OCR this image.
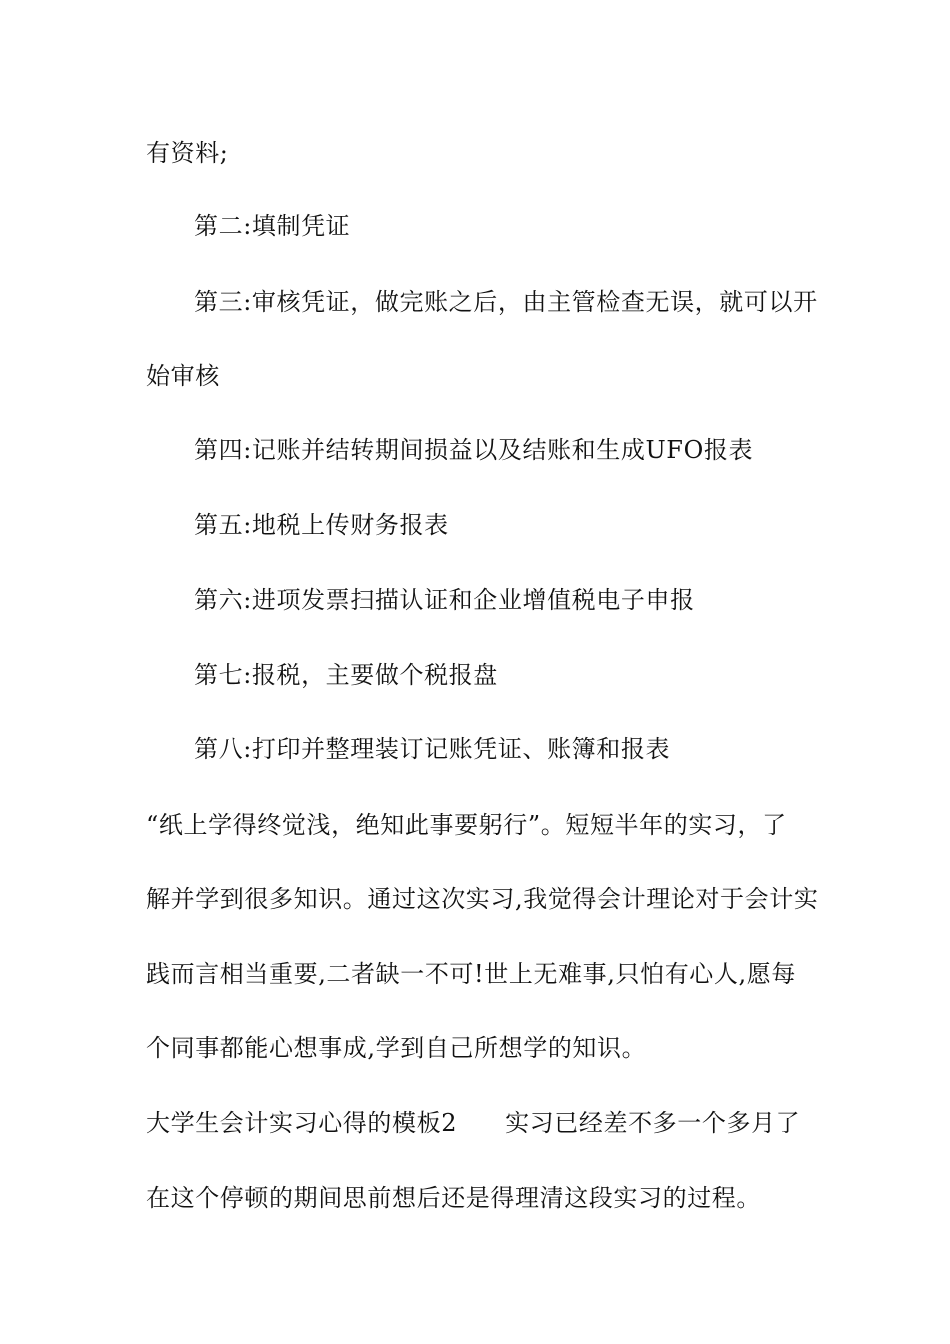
有资料;
第二:填制凭证
第三:审核凭证，做完账之后，由主管检查无误，就可以开
始审核
第四:记账并结转期间损益以及结账和生成UFO报表
第五:地税上传财务报表
第六:进项发票扫描认证和企业增值税电子申报
第七:报税，主要做个税报盘
第八:打印并整理装订记账凭证、账簿和报表
“纸上学得终觉浅，绝知此事要躬行”。短短半年的实习，了
解并学到很多知识。通过这次实习,我觉得会计理论对于会计实
践而言相当重要,二者缺一不可!世上无难事,只怕有心人,愿每
个同事都能心想事成,学到自己所想学的知识。
大学生会计实习心得的模板2 实习已经差不多一个多月了
在这个停顿的期间思前想后还是得理清这段实习的过程。
